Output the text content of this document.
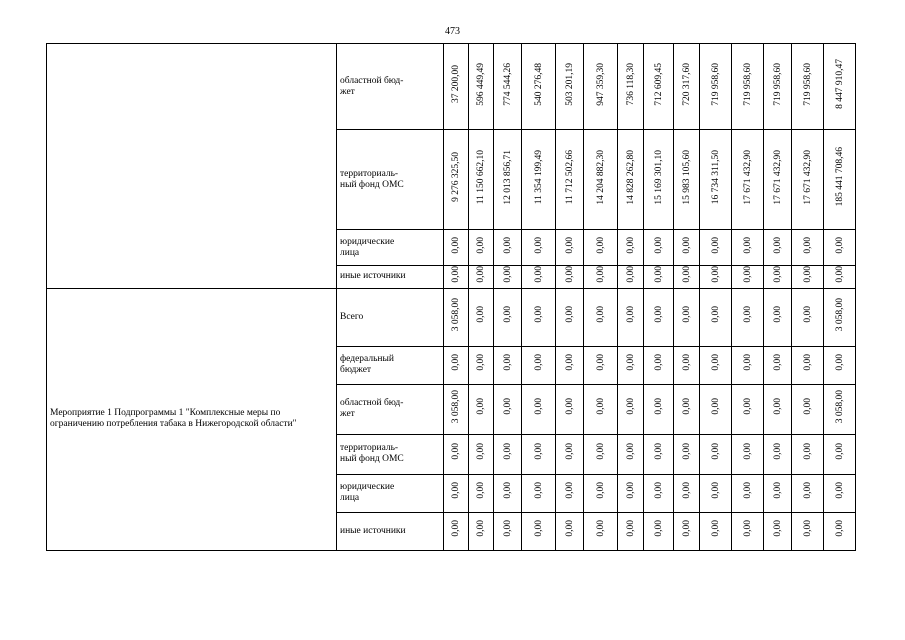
473
	областной бюд-
жет	37 200,00	596 449,49	774 544,26	540 276,48	503 201,19	947 359,30	736 118,30	712 609,45	720 317,60	719 958,60	719 958,60	719 958,60	719 958,60	8 447 910,47
	территориаль-
ный фонд ОМС	9 276 325,50	11 150 662,10	12 013 856,71	11 354 199,49	11 712 502,66	14 204 882,30	14 828 262,80	15 169 301,10	15 983 105,60	16 734 311,50	17 671 432,90	17 671 432,90	17 671 432,90	185 441 708,46
	юридические
лица	0,00	0,00	0,00	0,00	0,00	0,00	0,00	0,00	0,00	0,00	0,00	0,00	0,00	0,00
	иные источники	0,00	0,00	0,00	0,00	0,00	0,00	0,00	0,00	0,00	0,00	0,00	0,00	0,00	0,00
Мероприятие 1 Подпрограммы 1 "Комплексные меры по ограничению потребления табака в Нижегородской области"	Всего	3 058,00	0,00	0,00	0,00	0,00	0,00	0,00	0,00	0,00	0,00	0,00	0,00	0,00	3 058,00
	федеральный
бюджет	0,00	0,00	0,00	0,00	0,00	0,00	0,00	0,00	0,00	0,00	0,00	0,00	0,00	0,00
	областной бюд-
жет	3 058,00	0,00	0,00	0,00	0,00	0,00	0,00	0,00	0,00	0,00	0,00	0,00	0,00	3 058,00
	территориаль-
ный фонд ОМС	0,00	0,00	0,00	0,00	0,00	0,00	0,00	0,00	0,00	0,00	0,00	0,00	0,00	0,00
	юридические
лица	0,00	0,00	0,00	0,00	0,00	0,00	0,00	0,00	0,00	0,00	0,00	0,00	0,00	0,00
	иные источники	0,00	0,00	0,00	0,00	0,00	0,00	0,00	0,00	0,00	0,00	0,00	0,00	0,00	0,00
